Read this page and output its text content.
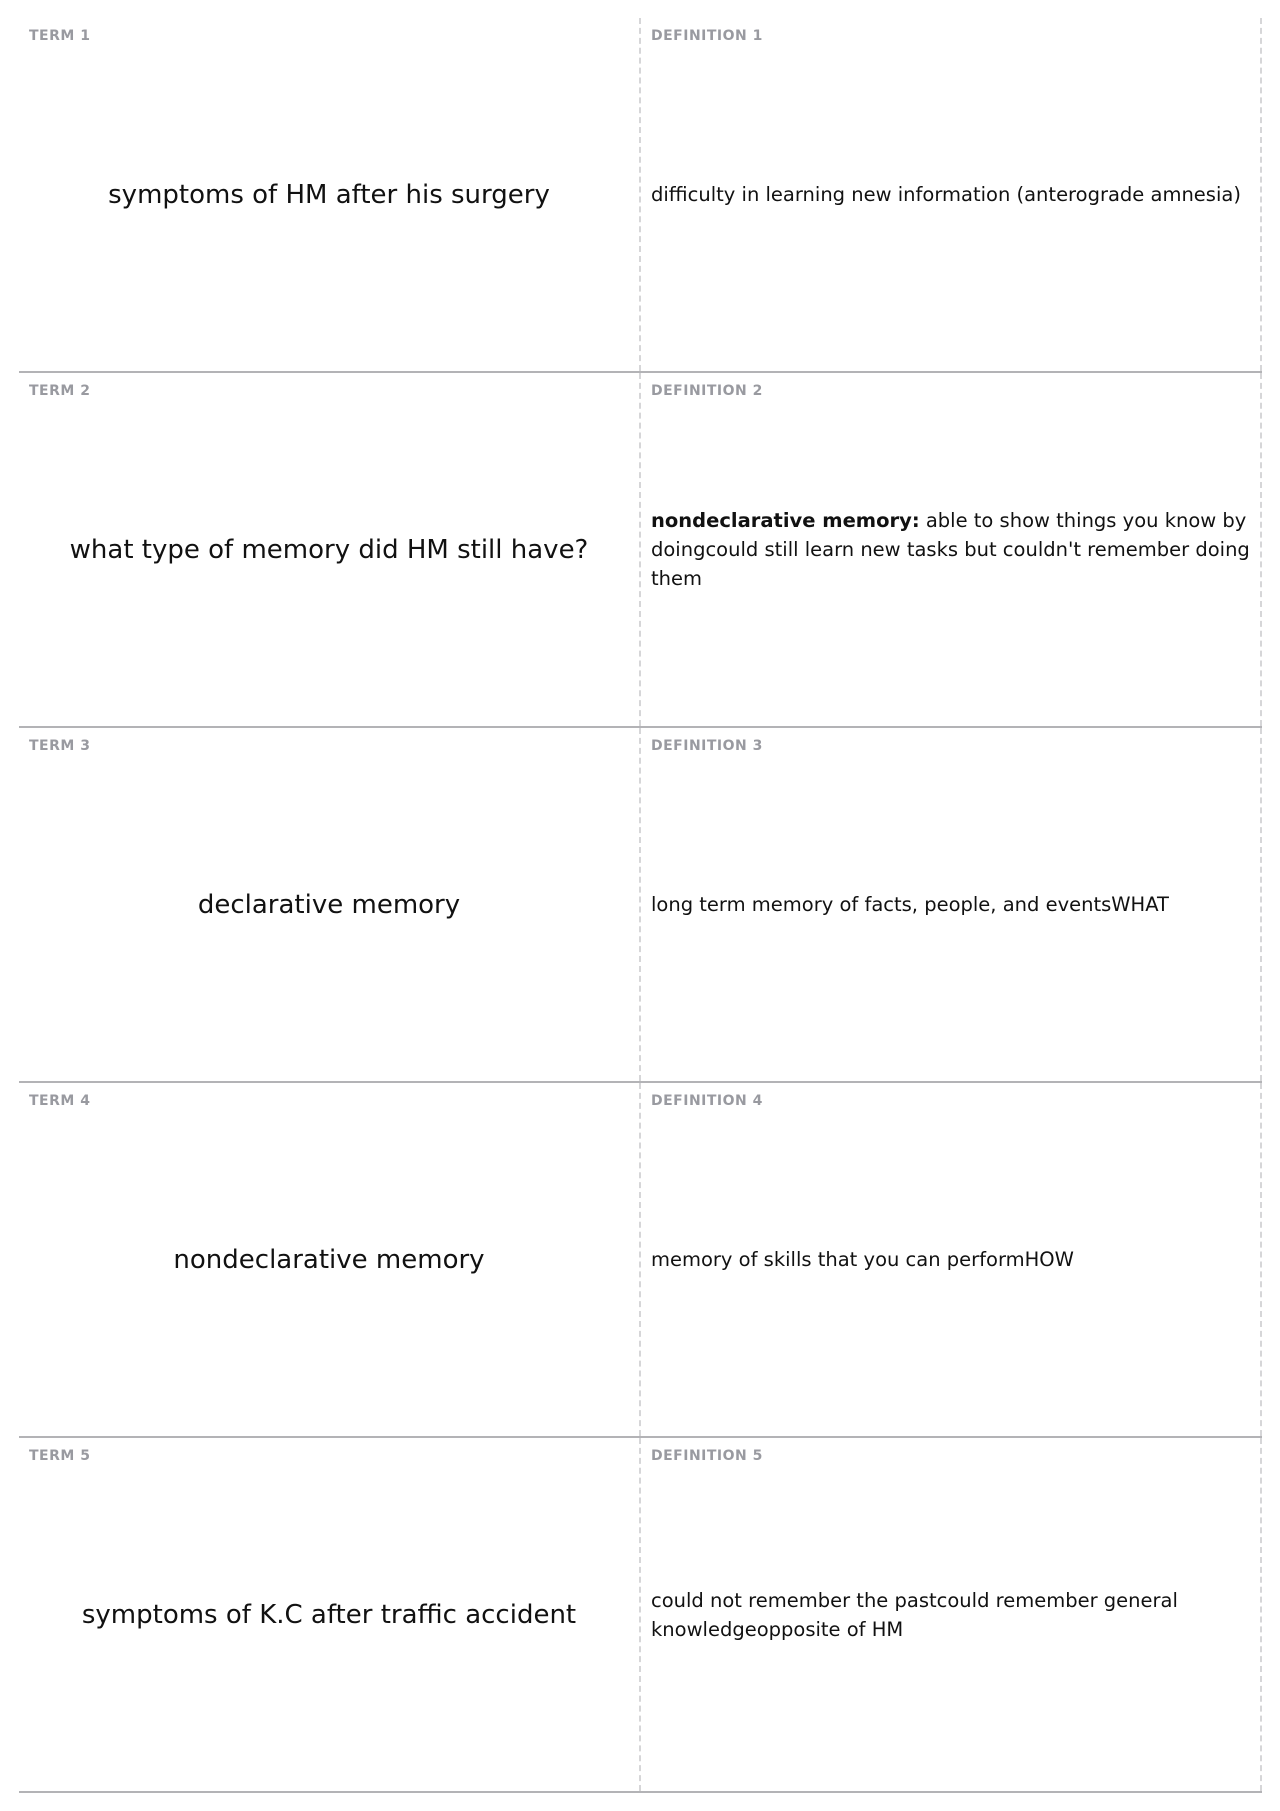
TERM 1
symptoms of HM after his surgery
DEFINITION 1
difficulty in learning new information (anterograde amnesia)
TERM 2
what type of memory did HM still have?
DEFINITION 2
nondeclarative memory: able to show things you know by doingcould still learn new tasks but couldn't remember doing them
TERM 3
declarative memory
DEFINITION 3
long term memory of facts, people, and eventsWHAT
TERM 4
nondeclarative memory
DEFINITION 4
memory of skills that you can performHOW
TERM 5
symptoms of K.C after traffic accident
DEFINITION 5
could not remember the pastcould remember general knowledgeopposite of HM
